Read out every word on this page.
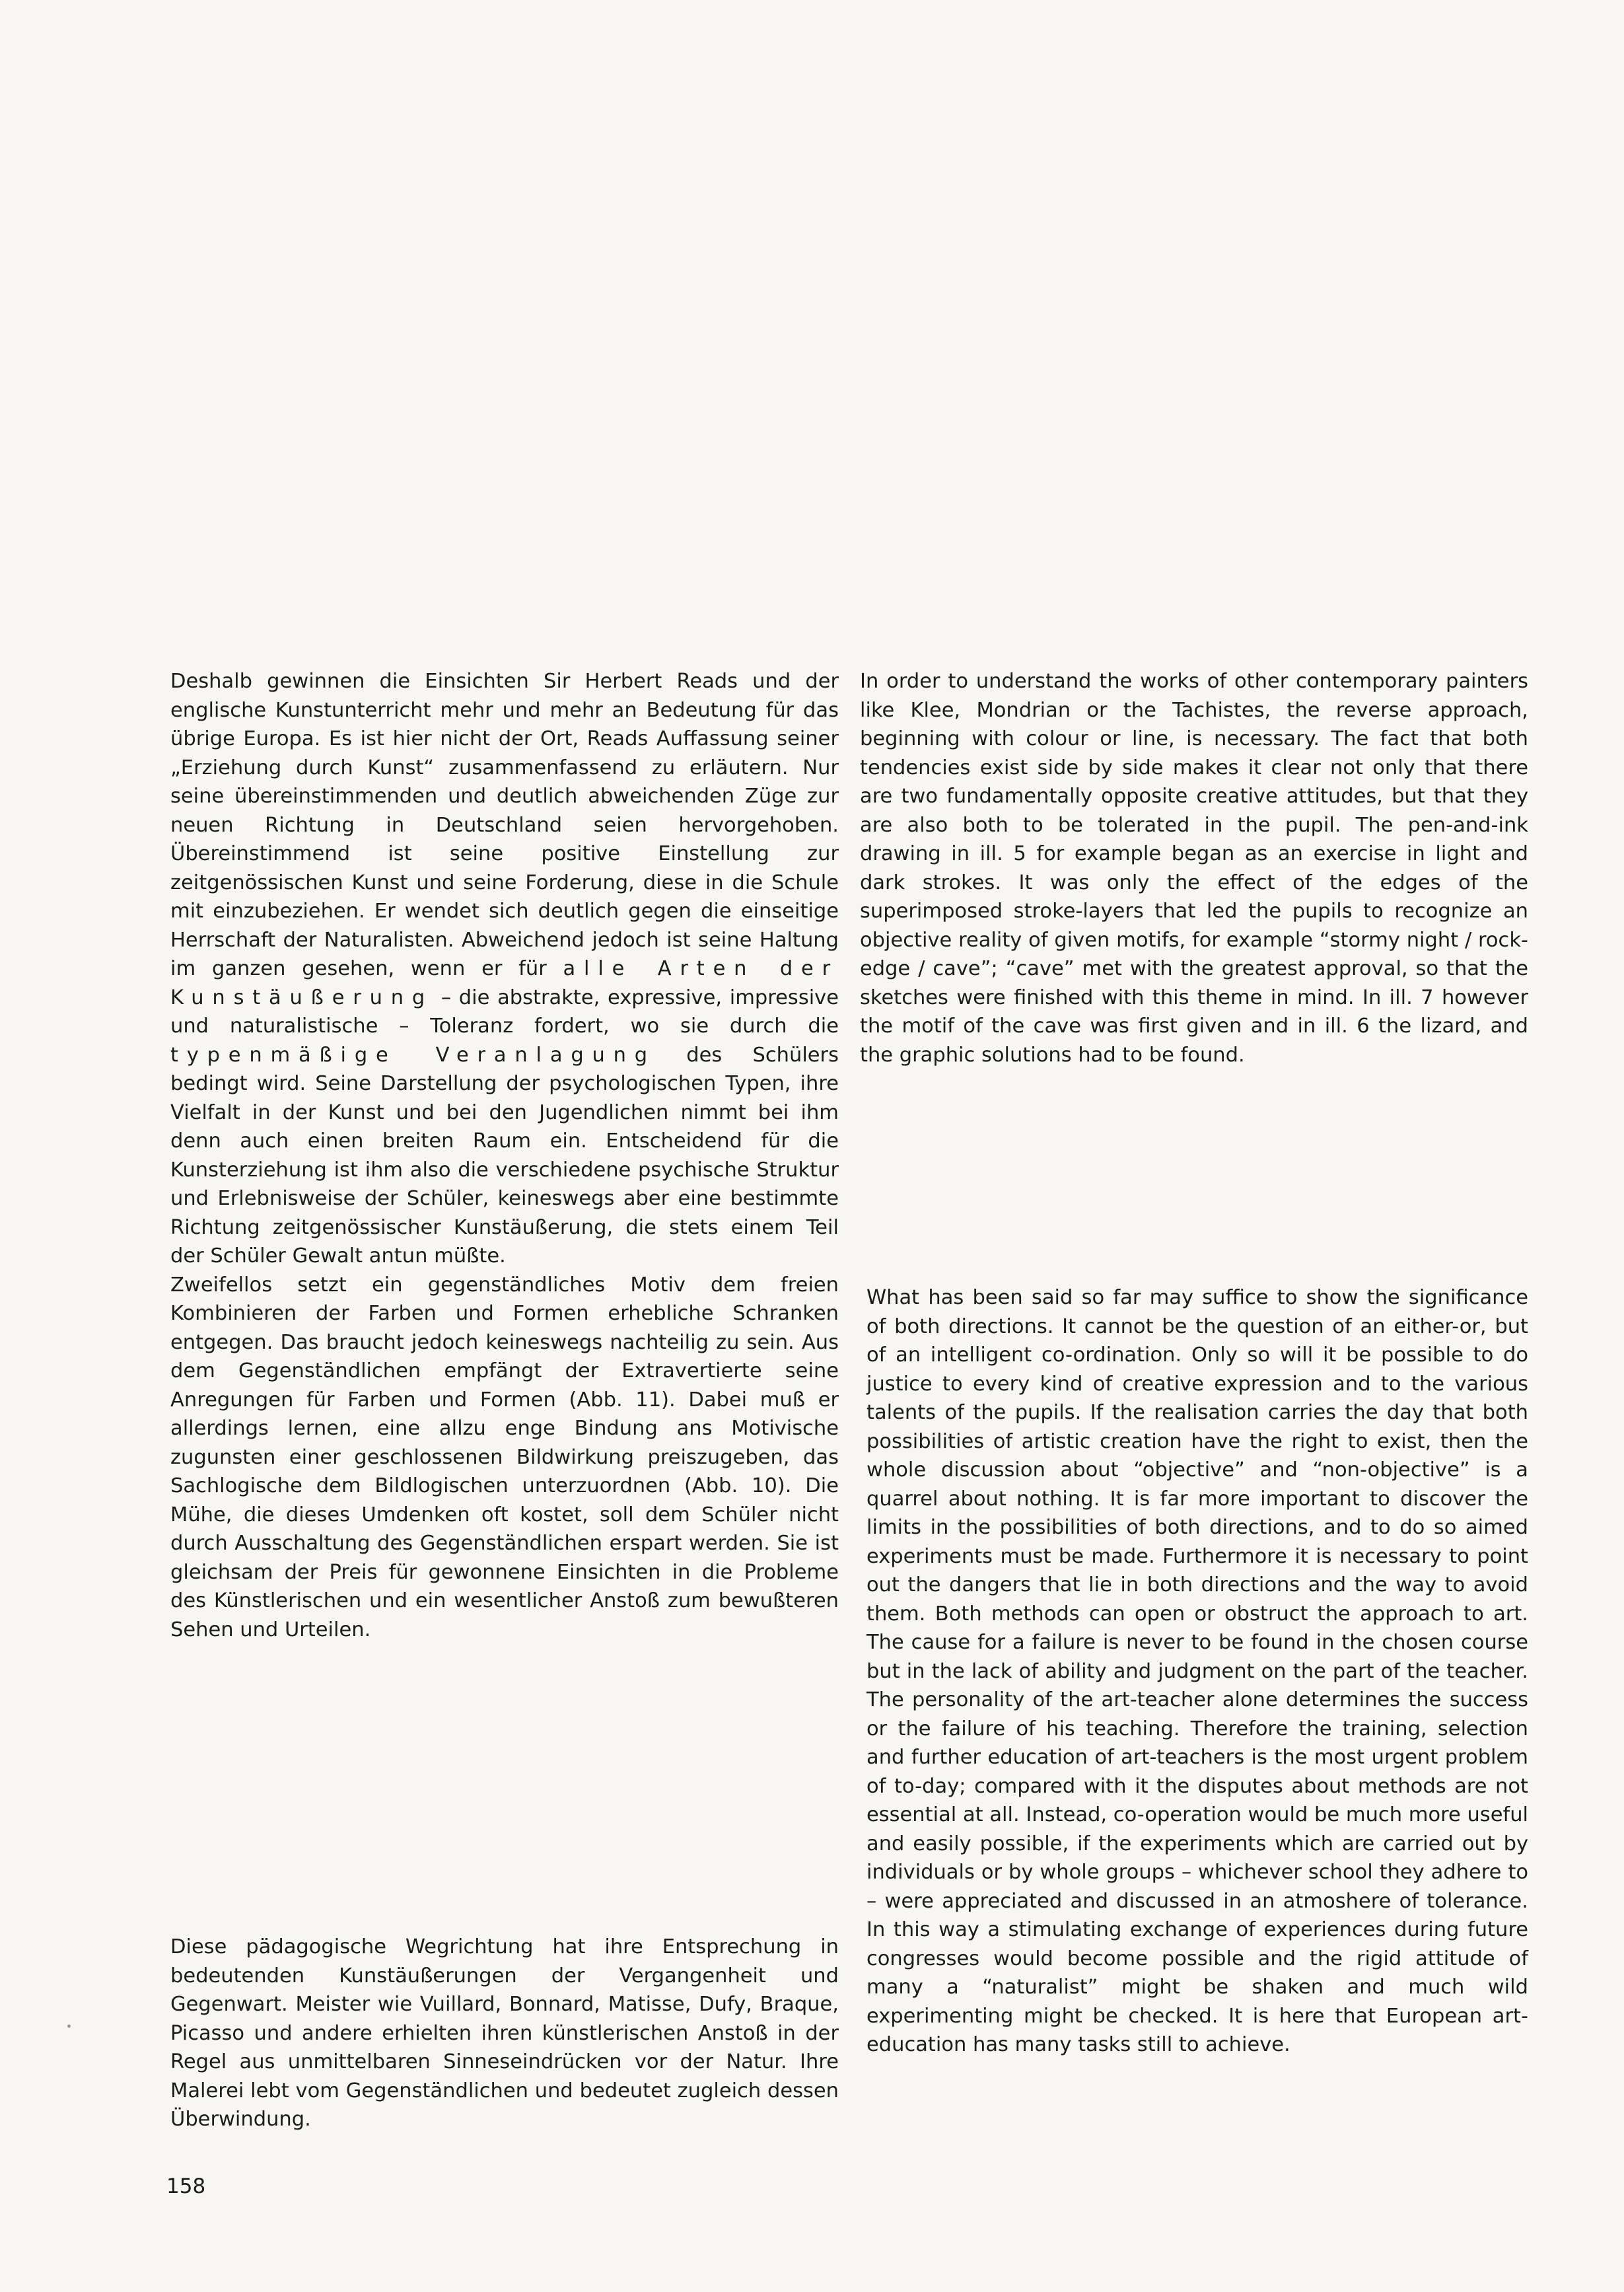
Deshalb gewinnen die Einsichten Sir Herbert Reads und der englische Kunstunterricht mehr und mehr an Bedeutung für das übrige Europa. Es ist hier nicht der Ort, Reads Auffassung seiner „Erziehung durch Kunst“ zusammenfassend zu erläutern. Nur seine übereinstimmenden und deutlich abweichenden Züge zur neuen Richtung in Deutschland seien hervorgehoben. Übereinstimmend ist seine positive Einstellung zur zeitgenössischen Kunst und seine Forderung, diese in die Schule mit einzubeziehen. Er wendet sich deutlich gegen die einseitige Herrschaft der Naturalisten. Abweichend jedoch ist seine Haltung im ganzen gesehen, wenn er für alle Arten der Kunstäußerung – die abstrakte, expressive, impressive und naturalistische – Toleranz fordert, wo sie durch die typenmäßige Veranlagung des Schülers bedingt wird. Seine Darstellung der psychologischen Typen, ihre Vielfalt in der Kunst und bei den Jugendlichen nimmt bei ihm denn auch einen breiten Raum ein. Entscheidend für die Kunsterziehung ist ihm also die verschiedene psychische Struktur und Erlebnisweise der Schüler, keineswegs aber eine bestimmte Richtung zeitgenössischer Kunstäußerung, die stets einem Teil der Schüler Gewalt antun müßte.

Zweifellos setzt ein gegenständliches Motiv dem freien Kombinieren der Farben und Formen erhebliche Schranken entgegen. Das braucht jedoch keineswegs nachteilig zu sein. Aus dem Gegenständlichen empfängt der Extravertierte seine Anregungen für Farben und Formen (Abb. 11). Dabei muß er allerdings lernen, eine allzu enge Bindung ans Motivische zugunsten einer geschlossenen Bildwirkung preiszugeben, das Sachlogische dem Bildlogischen unterzuordnen (Abb. 10). Die Mühe, die dieses Umdenken oft kostet, soll dem Schüler nicht durch Ausschaltung des Gegenständlichen erspart werden. Sie ist gleichsam der Preis für gewonnene Einsichten in die Probleme des Künstlerischen und ein wesentlicher Anstoß zum bewußteren Sehen und Urteilen.

Diese pädagogische Wegrichtung hat ihre Entsprechung in bedeutenden Kunstäußerungen der Vergangenheit und Gegenwart. Meister wie Vuillard, Bonnard, Matisse, Dufy, Braque, Picasso und andere erhielten ihren künstlerischen Anstoß in der Regel aus unmittelbaren Sinneseindrücken vor der Natur. Ihre Malerei lebt vom Gegenständlichen und bedeutet zugleich dessen Überwindung.

In order to understand the works of other contemporary painters like Klee, Mondrian or the Tachistes, the reverse approach, beginning with colour or line, is necessary. The fact that both tendencies exist side by side makes it clear not only that there are two fundamentally opposite creative attitudes, but that they are also both to be tolerated in the pupil. The pen-and-ink drawing in ill. 5 for example began as an exercise in light and dark strokes. It was only the effect of the edges of the superimposed stroke-layers that led the pupils to recognize an objective reality of given motifs, for example “stormy night / rock-edge / cave”; “cave” met with the greatest approval, so that the sketches were finished with this theme in mind. In ill. 7 however the motif of the cave was first given and in ill. 6 the lizard, and the graphic solutions had to be found.

What has been said so far may suffice to show the significance of both directions. It cannot be the question of an either-or, but of an intelligent co-ordination. Only so will it be possible to do justice to every kind of creative expression and to the various talents of the pupils. If the realisation carries the day that both possibilities of artistic creation have the right to exist, then the whole discussion about “objective” and “non-objective” is a quarrel about nothing. It is far more important to discover the limits in the possibilities of both directions, and to do so aimed experiments must be made. Furthermore it is necessary to point out the dangers that lie in both directions and the way to avoid them. Both methods can open or obstruct the approach to art. The cause for a failure is never to be found in the chosen course but in the lack of ability and judgment on the part of the teacher. The personality of the art-teacher alone determines the success or the failure of his teaching. Therefore the training, selection and further education of art-teachers is the most urgent problem of to-day; compared with it the disputes about methods are not essential at all. Instead, co-operation would be much more useful and easily possible, if the experiments which are carried out by individuals or by whole groups – whichever school they adhere to – were appreciated and discussed in an atmoshere of tolerance. In this way a stimulating exchange of experiences during future congresses would become possible and the rigid attitude of many a “naturalist” might be shaken and much wild experimenting might be checked. It is here that European art-education has many tasks still to achieve.

158
